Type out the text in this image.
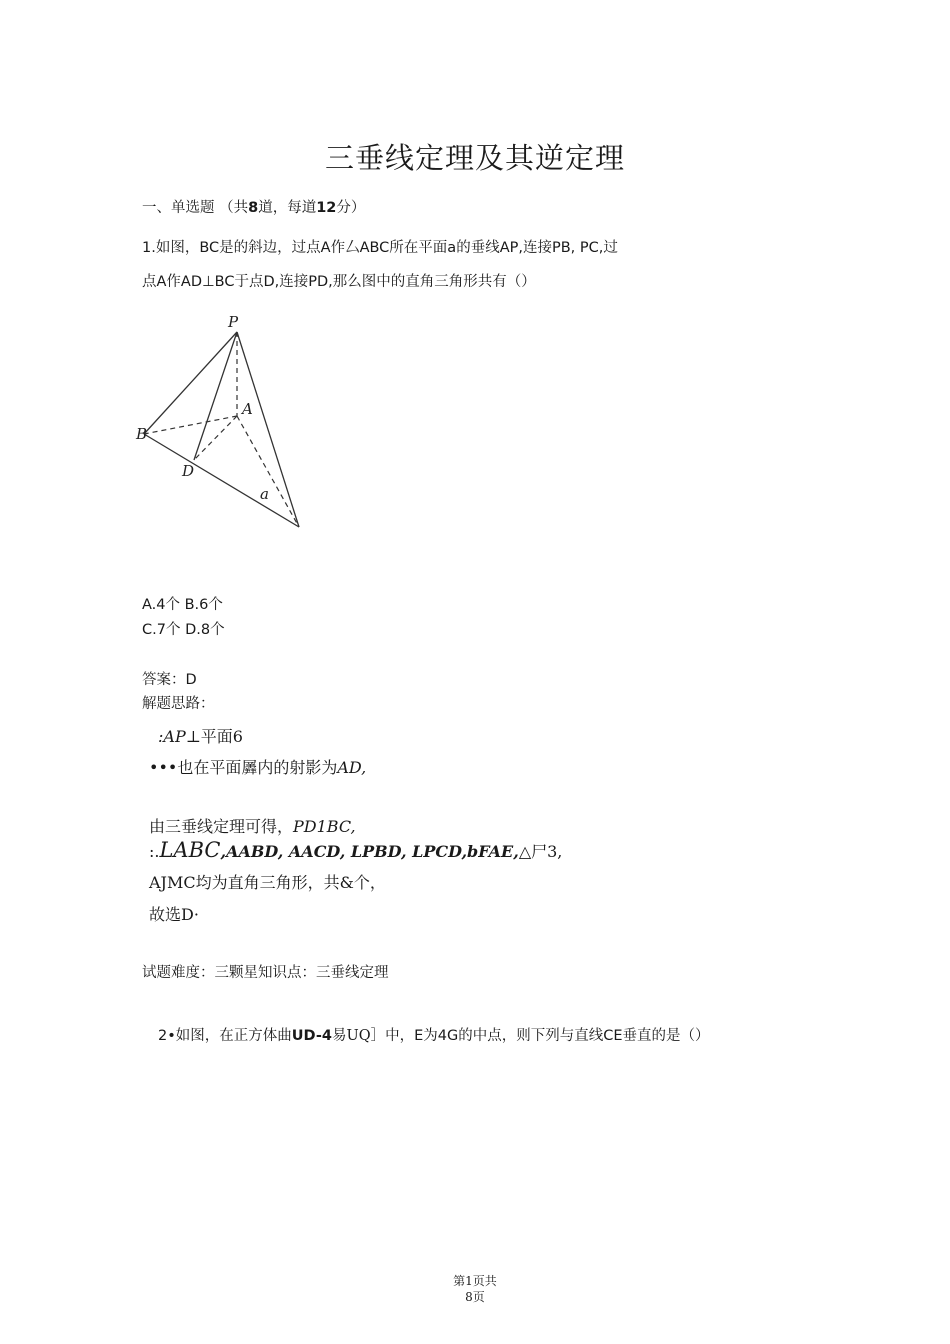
三垂线定理及其逆定理
一、单选题 （共8道，每道12分）
1.如图，BC是的斜边，过点A作厶ABC所在平面a的垂线AP,连接PB, PC,过
点A作AD⊥BC于点D,连接PD,那么图中的直角三角形共有（）
P
A
B
D
a
A.4个 B.6个
C.7个 D.8个
答案：D
解题思路：
:AP⊥平面6
•••也在平面羼内的射影为AD,
由三垂线定理可得，PD1BC,
:.LABC,AABD, AACD, LPBD, LPCD,bFAE,△尸3,
AJMC均为直角三角形，共&个，
故选D·
试题难度：三颗星知识点：三垂线定理
2•如图，在正方体曲UD-4易UQ］中，E为4G的中点，则下列与直线CE垂直的是（）
第1页共
8页
